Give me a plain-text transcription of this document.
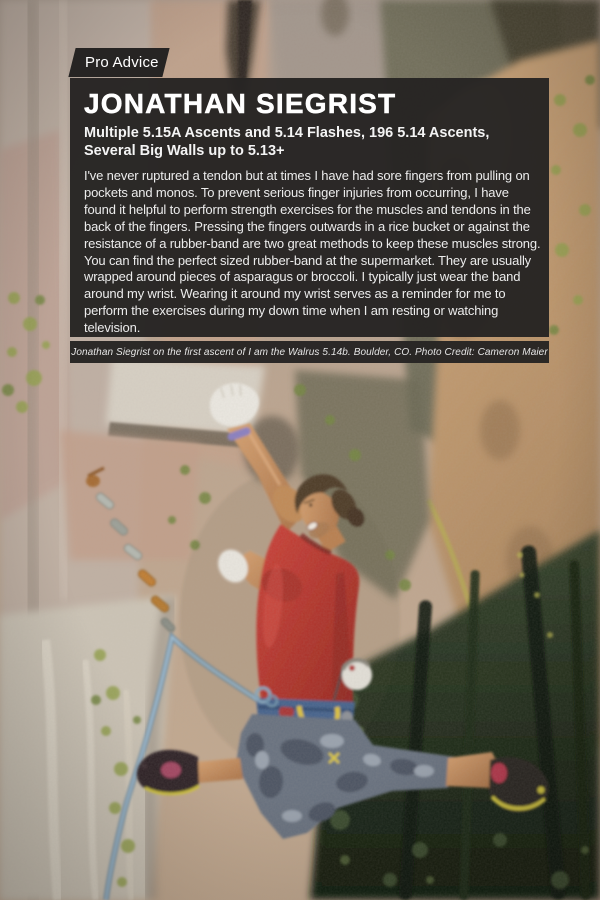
Pro Advice
JONATHAN SIEGRIST
Multiple 5.15A Ascents and 5.14 Flashes, 196 5.14 Ascents,
Several Big Walls up to 5.13+
I've never ruptured a tendon but at times I have had sore fingers from pulling on pockets and monos. To prevent serious finger injuries from occurring, I have found it helpful to perform strength exercises for the muscles and tendons in the back of the fingers. Pressing the fingers outwards in a rice bucket or against the resistance of a rubber-band are two great methods to keep these muscles strong. You can find the perfect sized rubber-band at the supermarket. They are usually wrapped around pieces of asparagus or broccoli. I typically just wear the band around my wrist. Wearing it around my wrist serves as a reminder for me to perform the exercises during my down time when I am resting or watching television.
Jonathan Siegrist on the first ascent of I am the Walrus 5.14b. Boulder, CO. Photo Credit: Cameron Maier
